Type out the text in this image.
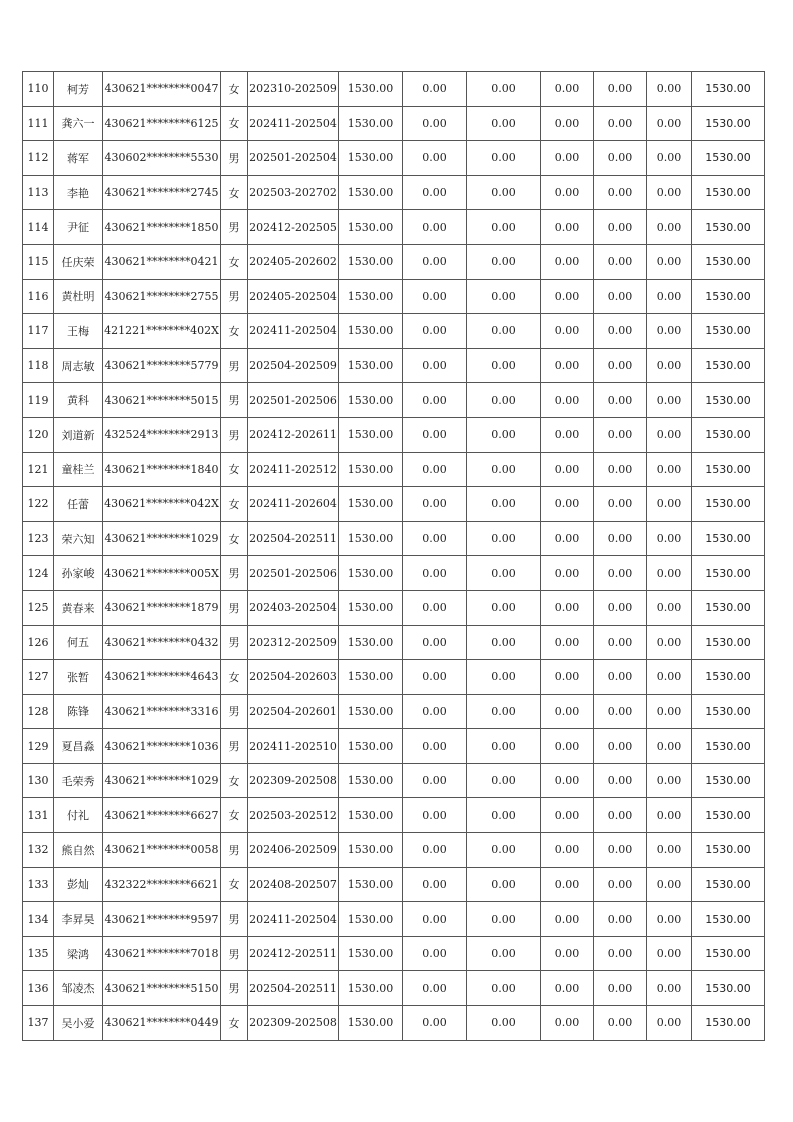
110	柯芳	430621********0047	女	202310-202509	1530.00	0.00	0.00	0.00	0.00	0.00	1530.00
111	龚六一	430621********6125	女	202411-202504	1530.00	0.00	0.00	0.00	0.00	0.00	1530.00
112	蒋军	430602********5530	男	202501-202504	1530.00	0.00	0.00	0.00	0.00	0.00	1530.00
113	李艳	430621********2745	女	202503-202702	1530.00	0.00	0.00	0.00	0.00	0.00	1530.00
114	尹征	430621********1850	男	202412-202505	1530.00	0.00	0.00	0.00	0.00	0.00	1530.00
115	任庆荣	430621********0421	女	202405-202602	1530.00	0.00	0.00	0.00	0.00	0.00	1530.00
116	黄杜明	430621********2755	男	202405-202504	1530.00	0.00	0.00	0.00	0.00	0.00	1530.00
117	王梅	421221********402X	女	202411-202504	1530.00	0.00	0.00	0.00	0.00	0.00	1530.00
118	周志敏	430621********5779	男	202504-202509	1530.00	0.00	0.00	0.00	0.00	0.00	1530.00
119	黄科	430621********5015	男	202501-202506	1530.00	0.00	0.00	0.00	0.00	0.00	1530.00
120	刘道新	432524********2913	男	202412-202611	1530.00	0.00	0.00	0.00	0.00	0.00	1530.00
121	童桂兰	430621********1840	女	202411-202512	1530.00	0.00	0.00	0.00	0.00	0.00	1530.00
122	任蕾	430621********042X	女	202411-202604	1530.00	0.00	0.00	0.00	0.00	0.00	1530.00
123	荣六知	430621********1029	女	202504-202511	1530.00	0.00	0.00	0.00	0.00	0.00	1530.00
124	孙家峻	430621********005X	男	202501-202506	1530.00	0.00	0.00	0.00	0.00	0.00	1530.00
125	黄春来	430621********1879	男	202403-202504	1530.00	0.00	0.00	0.00	0.00	0.00	1530.00
126	何五	430621********0432	男	202312-202509	1530.00	0.00	0.00	0.00	0.00	0.00	1530.00
127	张暂	430621********4643	女	202504-202603	1530.00	0.00	0.00	0.00	0.00	0.00	1530.00
128	陈锋	430621********3316	男	202504-202601	1530.00	0.00	0.00	0.00	0.00	0.00	1530.00
129	夏昌淼	430621********1036	男	202411-202510	1530.00	0.00	0.00	0.00	0.00	0.00	1530.00
130	毛荣秀	430621********1029	女	202309-202508	1530.00	0.00	0.00	0.00	0.00	0.00	1530.00
131	付礼	430621********6627	女	202503-202512	1530.00	0.00	0.00	0.00	0.00	0.00	1530.00
132	熊自然	430621********0058	男	202406-202509	1530.00	0.00	0.00	0.00	0.00	0.00	1530.00
133	彭灿	432322********6621	女	202408-202507	1530.00	0.00	0.00	0.00	0.00	0.00	1530.00
134	李昇昊	430621********9597	男	202411-202504	1530.00	0.00	0.00	0.00	0.00	0.00	1530.00
135	梁鸿	430621********7018	男	202412-202511	1530.00	0.00	0.00	0.00	0.00	0.00	1530.00
136	邹凌杰	430621********5150	男	202504-202511	1530.00	0.00	0.00	0.00	0.00	0.00	1530.00
137	吴小爱	430621********0449	女	202309-202508	1530.00	0.00	0.00	0.00	0.00	0.00	1530.00
